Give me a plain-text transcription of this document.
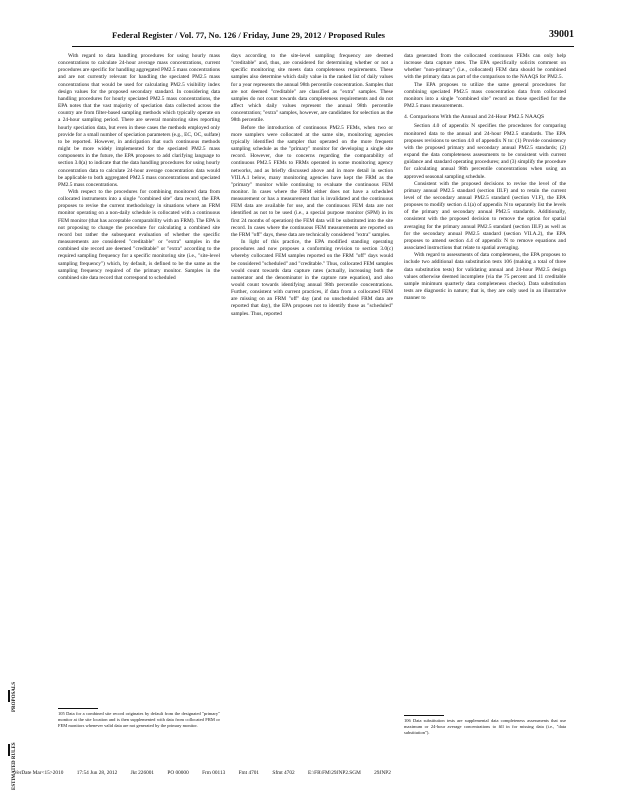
Federal Register / Vol. 77, No. 126 / Friday, June 29, 2012 / Proposed Rules	39001

With regard to data handling procedures for using hourly mass concentrations to calculate 24-hour average mass concentrations, current procedures are specific for handling aggregated PM2.5 mass concentrations and are not currently relevant for handling the speciated PM2.5 mass concentrations that would be used for calculating PM2.5 visibility index design values for the proposed secondary standard. In considering data handling procedures for hourly speciated PM2.5 mass concentrations, the EPA notes that the vast majority of speciation data collected across the country are from filter-based sampling methods which typically operate on a 24-hour sampling period. There are several monitoring sites reporting hourly speciation data, but even in these cases the methods employed only provide for a small number of speciation parameters (e.g., EC, OC, sulfate) to be reported. However, in anticipation that such continuous methods might be more widely implemented for the speciated PM2.5 mass components in the future, the EPA proposes to add clarifying language to section 3.0(a) to indicate that the data handling procedures for using hourly concentration data to calculate 24-hour average concentration data would be applicable to both aggregated PM2.5 mass concentrations and speciated PM2.5 mass concentrations.

With respect to the procedures for combining monitored data from collocated instruments into a single "combined site" data record, the EPA proposes to revise the current methodology in situations where an FRM monitor operating on a non-daily schedule is collocated with a continuous FEM monitor (that has acceptable comparability with an FRM). The EPA is not proposing to change the procedure for calculating a combined site record but rather the subsequent evaluation of whether the specific measurements are considered "creditable" or "extra" samples in the combined site record are deemed "creditable" or "extra" according to the required sampling frequency for a specific monitoring site (i.e., "site-level sampling frequency") which, by default, is defined to be the same as the sampling frequency required of the primary monitor. Samples in the combined site data record that correspond to scheduled

105 Data for a combined site record originates by default from the designated "primary" monitor at the site location and is then supplemented with data from collocated FRM or FEM monitors whenever valid data are not generated by the primary monitor.

days according to the site-level sampling frequency are deemed "creditable" and, thus, are considered for determining whether or not a specific monitoring site meets data completeness requirements. These samples also determine which daily value in the ranked list of daily values for a year represents the annual 98th percentile concentration. Samples that are not deemed "creditable" are classified as "extra" samples. These samples do not count towards data completeness requirements and do not affect which daily values represent the annual 98th percentile concentration; "extra" samples, however, are candidates for selection as the 98th percentile.

Before the introduction of continuous PM2.5 FEMs, when two or more samplers were collocated at the same site, monitoring agencies typically identified the sampler that operated on the more frequent sampling schedule as the "primary" monitor for developing a single site record. However, due to concerns regarding the comparability of continuous PM2.5 FEMs to FRMs operated in some monitoring agency networks, and as briefly discussed above and in more detail in section VIII.A.1 below, many monitoring agencies have kept the FRM as the "primary" monitor while continuing to evaluate the continuous FEM monitor. In cases where the FRM either does not have a scheduled measurement or has a measurement that is invalidated and the continuous FEM data are available for use, and the continuous FEM data are not identified as not to be used (i.e., a special purpose monitor (SPM) in its first 24 months of operation) the FEM data will be substituted into the site record. In cases where the continuous FEM measurements are reported on the FRM "off" days, these data are technically considered "extra" samples.

In light of this practice, the EPA modified standing operating procedures and now proposes a conforming revision to section 3.0(c) whereby collocated FEM samples reported on the FRM "off" days would be considered "scheduled" and "creditable." Thus, collocated FEM samples would count towards data capture rates (actually, increasing both the numerator and the denominator in the capture rate equation), and also would count towards identifying annual 98th percentile concentrations. Further, consistent with current practices, if data from a collocated FEM are missing on an FRM "off" day (and no unscheduled FRM data are reported that day), the EPA proposes not to identify those as "scheduled" samples. Thus, reported

data generated from the collocated continuous FEMs can only help increase data capture rates. The EPA specifically solicits comment on whether "non-primary" (i.e., collocated) FEM data should be combined with the primary data as part of the comparison to the NAAQS for PM2.5.

The EPA proposes to utilize the same general procedures for combining speciated PM2.5 mass concentration data from collocated monitors into a single "combined site" record as those specified for the PM2.5 mass measurements.

4. Comparisons With the Annual and 24-Hour PM2.5 NAAQS

Section 4.0 of appendix N specifies the procedures for comparing monitored data to the annual and 24-hour PM2.5 standards. The EPA proposes revisions to section 4.0 of appendix N to: (1) Provide consistency with the proposed primary and secondary annual PM2.5 standards; (2) expand the data completeness assessments to be consistent with current guidance and standard operating procedures; and (3) simplify the procedure for calculating annual 98th percentile concentrations when using an approved seasonal sampling schedule.

Consistent with the proposed decisions to revise the level of the primary annual PM2.5 standard (section III.F) and to retain the current level of the secondary annual PM2.5 standard (section VI.F), the EPA proposes to modify section 4.1(a) of appendix N to separately list the levels of the primary and secondary annual PM2.5 standards. Additionally, consistent with the proposed decision to remove the option for spatial averaging for the primary annual PM2.5 standard (section III.F) as well as for the secondary annual PM2.5 standard (section VII.A.2), the EPA proposes to amend section 4.4 of appendix N to remove equations and associated instructions that relate to spatial averaging.

With regard to assessments of data completeness, the EPA proposes to include two additional data substitution tests 106 (making a total of three data substitution tests) for validating annual and 24-hour PM2.5 design values otherwise deemed incomplete (via the 75 percent and 11 creditable sample minimum quarterly data completeness checks). Data substitution tests are diagnostic in nature; that is, they are only used in an illustrative manner to

106 Data substitution tests are supplemental data completeness assessments that use maximum or 24-hour average concentrations to fill in for missing data (i.e., "data substitution").
PROPOSALS
ESTIMATED RULES
VerDate Mar<15>2010	17:54 Jun 28, 2012	Jkt 226001	PO 00000	Frm 00113	Fmt 4701	Sfmt 4702	E:\FR\FM\29JNP2.SGM	29JNP2
